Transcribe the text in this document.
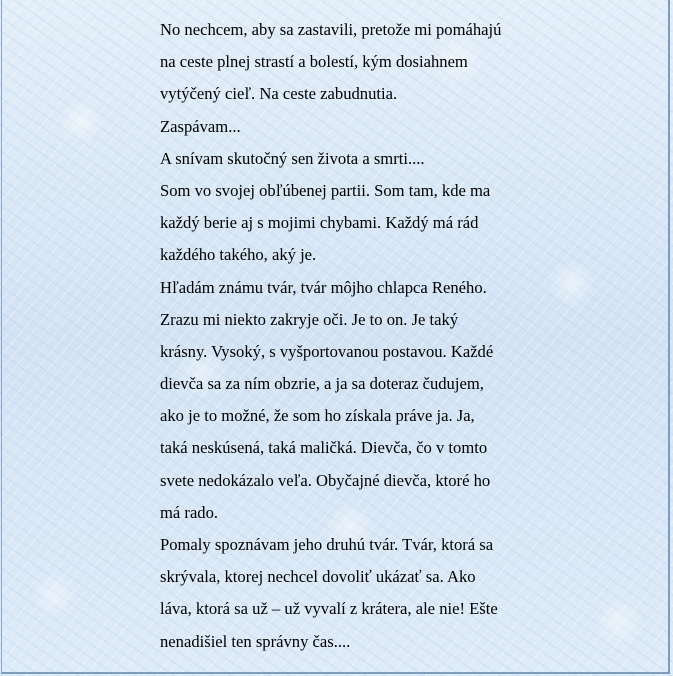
No nechcem, aby sa zastavili, pretože mi pomáhajú
na ceste plnej strastí a bolestí, kým dosiahnem
vytýčený cieľ. Na ceste zabudnutia.
Zaspávam...
A snívam skutočný sen života a smrti....
Som vo svojej obľúbenej partii. Som tam, kde ma
každý berie aj s mojimi chybami. Každý má rád
každého takého, aký je.
Hľadám známu tvár, tvár môjho chlapca Reného.
Zrazu mi niekto zakryje oči. Je to on. Je taký
krásny. Vysoký, s vyšportovanou postavou. Každé
dievča sa za ním obzrie, a ja sa doteraz čudujem,
ako je to možné, že som ho získala práve ja. Ja,
taká neskúsená, taká maličká. Dievča, čo v tomto
svete nedokázalo veľa. Obyčajné dievča, ktoré ho
má rado.
Pomaly spoznávam jeho druhú tvár. Tvár, ktorá sa
skrývala, ktorej nechcel dovoliť ukázať sa. Ako
láva, ktorá sa už – už vyvalí z krátera, ale nie! Ešte
nenadišiel ten správny čas....
